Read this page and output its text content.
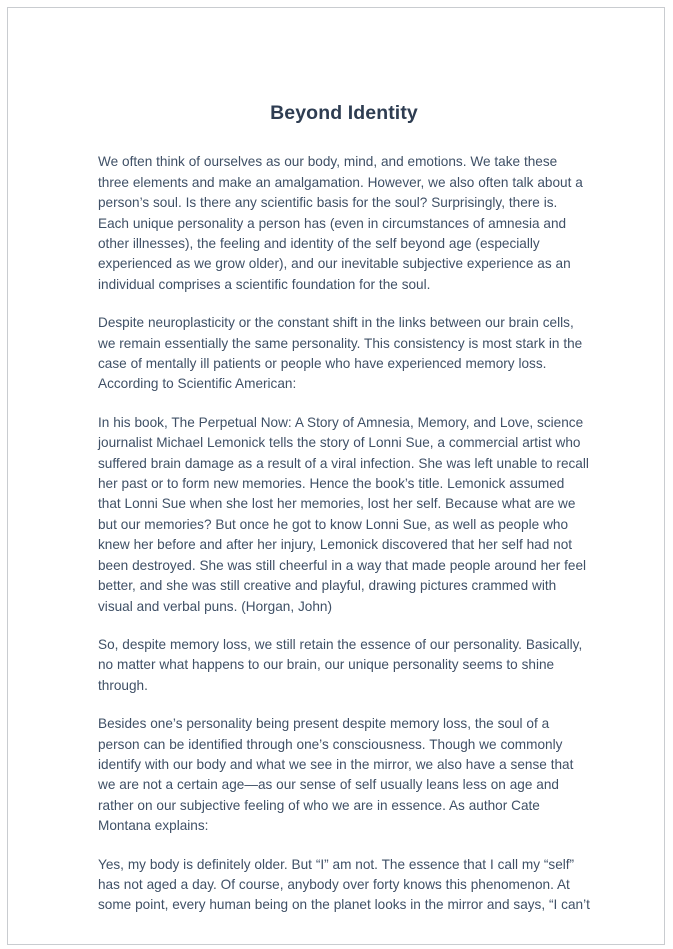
Beyond Identity

We often think of ourselves as our body, mind, and emotions. We take these three elements and make an amalgamation. However, we also often talk about a person’s soul. Is there any scientific basis for the soul? Surprisingly, there is. Each unique personality a person has (even in circumstances of amnesia and other illnesses), the feeling and identity of the self beyond age (especially experienced as we grow older), and our inevitable subjective experience as an individual comprises a scientific foundation for the soul.

Despite neuroplasticity or the constant shift in the links between our brain cells, we remain essentially the same personality. This consistency is most stark in the case of mentally ill patients or people who have experienced memory loss. According to Scientific American:

In his book, The Perpetual Now: A Story of Amnesia, Memory, and Love, science journalist Michael Lemonick tells the story of Lonni Sue, a commercial artist who suffered brain damage as a result of a viral infection. She was left unable to recall her past or to form new memories. Hence the book’s title. Lemonick assumed that Lonni Sue when she lost her memories, lost her self. Because what are we but our memories? But once he got to know Lonni Sue, as well as people who knew her before and after her injury, Lemonick discovered that her self had not been destroyed. She was still cheerful in a way that made people around her feel better, and she was still creative and playful, drawing pictures crammed with visual and verbal puns. (Horgan, John)

So, despite memory loss, we still retain the essence of our personality. Basically, no matter what happens to our brain, our unique personality seems to shine through.

Besides one’s personality being present despite memory loss, the soul of a person can be identified through one’s consciousness. Though we commonly identify with our body and what we see in the mirror, we also have a sense that we are not a certain age—as our sense of self usually leans less on age and rather on our subjective feeling of who we are in essence. As author Cate Montana explains:

Yes, my body is definitely older. But “I” am not. The essence that I call my “self” has not aged a day. Of course, anybody over forty knows this phenomenon. At some point, every human being on the planet looks in the mirror and says, “I can’t
